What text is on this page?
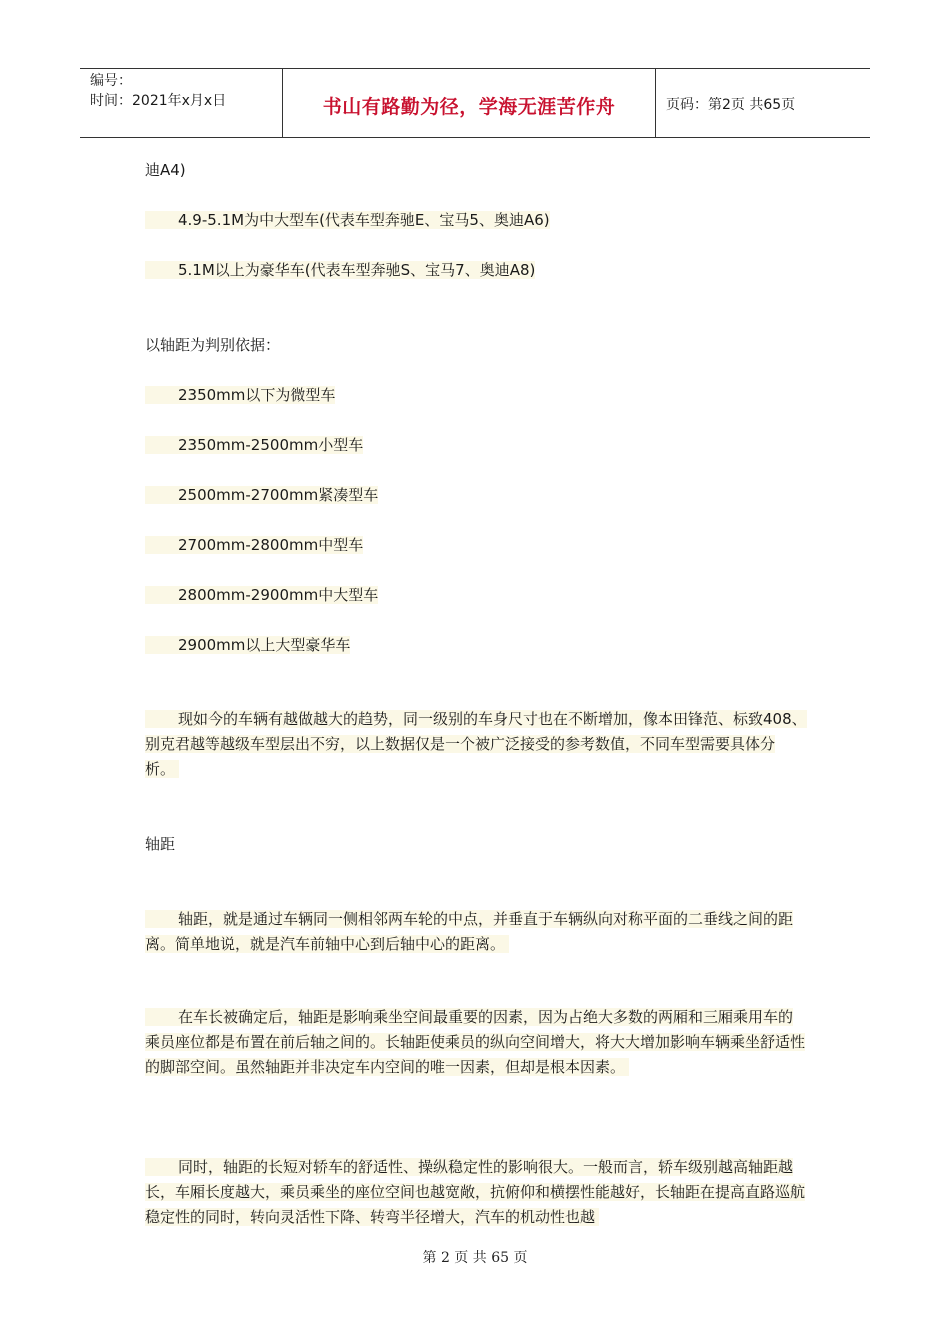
编号：
时间：2021年x月x日	书山有路勤为径，学海无涯苦作舟	页码：第2页 共65页
迪A4)
4.9-5.1M为中大型车(代表车型奔驰E、宝马5、奥迪A6)
5.1M以上为豪华车(代表车型奔驰S、宝马7、奥迪A8)
以轴距为判别依据：
2350mm以下为微型车
2350mm-2500mm小型车
2500mm-2700mm紧凑型车
2700mm-2800mm中型车
2800mm-2900mm中大型车
2900mm以上大型豪华车
现如今的车辆有越做越大的趋势，同一级别的车身尺寸也在不断增加，像本田锋范、标致408、别克君越等越级车型层出不穷，以上数据仅是一个被广泛接受的参考数值，不同车型需要具体分析。
轴距
轴距，就是通过车辆同一侧相邻两车轮的中点，并垂直于车辆纵向对称平面的二垂线之间的距离。简单地说，就是汽车前轴中心到后轴中心的距离。
在车长被确定后，轴距是影响乘坐空间最重要的因素，因为占绝大多数的两厢和三厢乘用车的乘员座位都是布置在前后轴之间的。长轴距使乘员的纵向空间增大，将大大增加影响车辆乘坐舒适性的脚部空间。虽然轴距并非决定车内空间的唯一因素，但却是根本因素。
同时，轴距的长短对轿车的舒适性、操纵稳定性的影响很大。一般而言，轿车级别越高轴距越长，车厢长度越大，乘员乘坐的座位空间也越宽敞，抗俯仰和横摆性能越好，长轴距在提高直路巡航稳定性的同时，转向灵活性下降、转弯半径增大，汽车的机动性也越
第 2 页 共 65 页
